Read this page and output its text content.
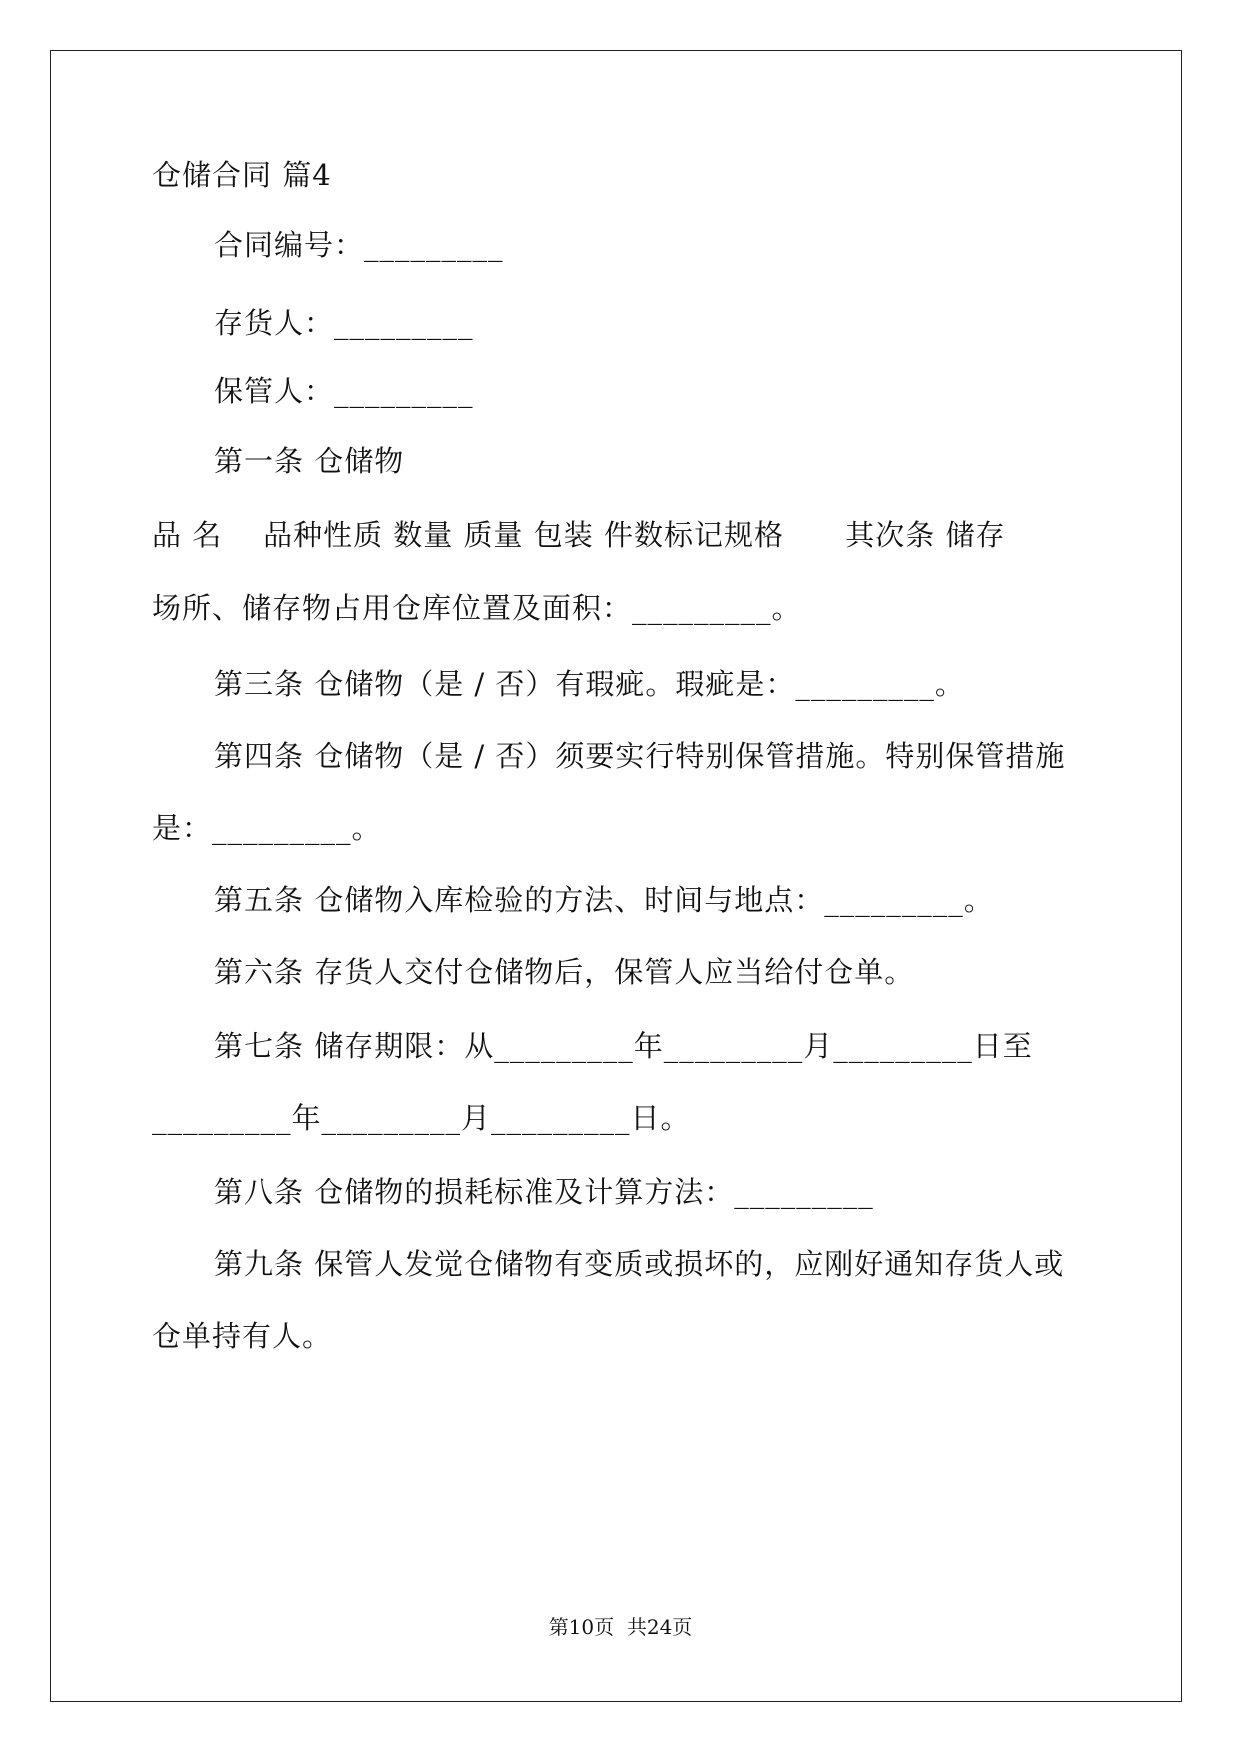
仓储合同 篇4
合同编号：_________
存货人：_________
保管人：_________
第一条 仓储物
品 名    品种性质 数量 质量 包装 件数标记规格      其次条 储存
场所、储存物占用仓库位置及面积：_________。
第三条 仓储物（是 / 否）有瑕疵。瑕疵是：_________。
第四条 仓储物（是 / 否）须要实行特别保管措施。特别保管措施
是：_________。
第五条 仓储物入库检验的方法、时间与地点：_________。
第六条 存货人交付仓储物后，保管人应当给付仓单。
第七条 储存期限：从_________年_________月_________日至
_________年_________月_________日。
第八条 仓储物的损耗标准及计算方法：_________
第九条 保管人发觉仓储物有变质或损坏的，应刚好通知存货人或
仓单持有人。
第10页  共24页
